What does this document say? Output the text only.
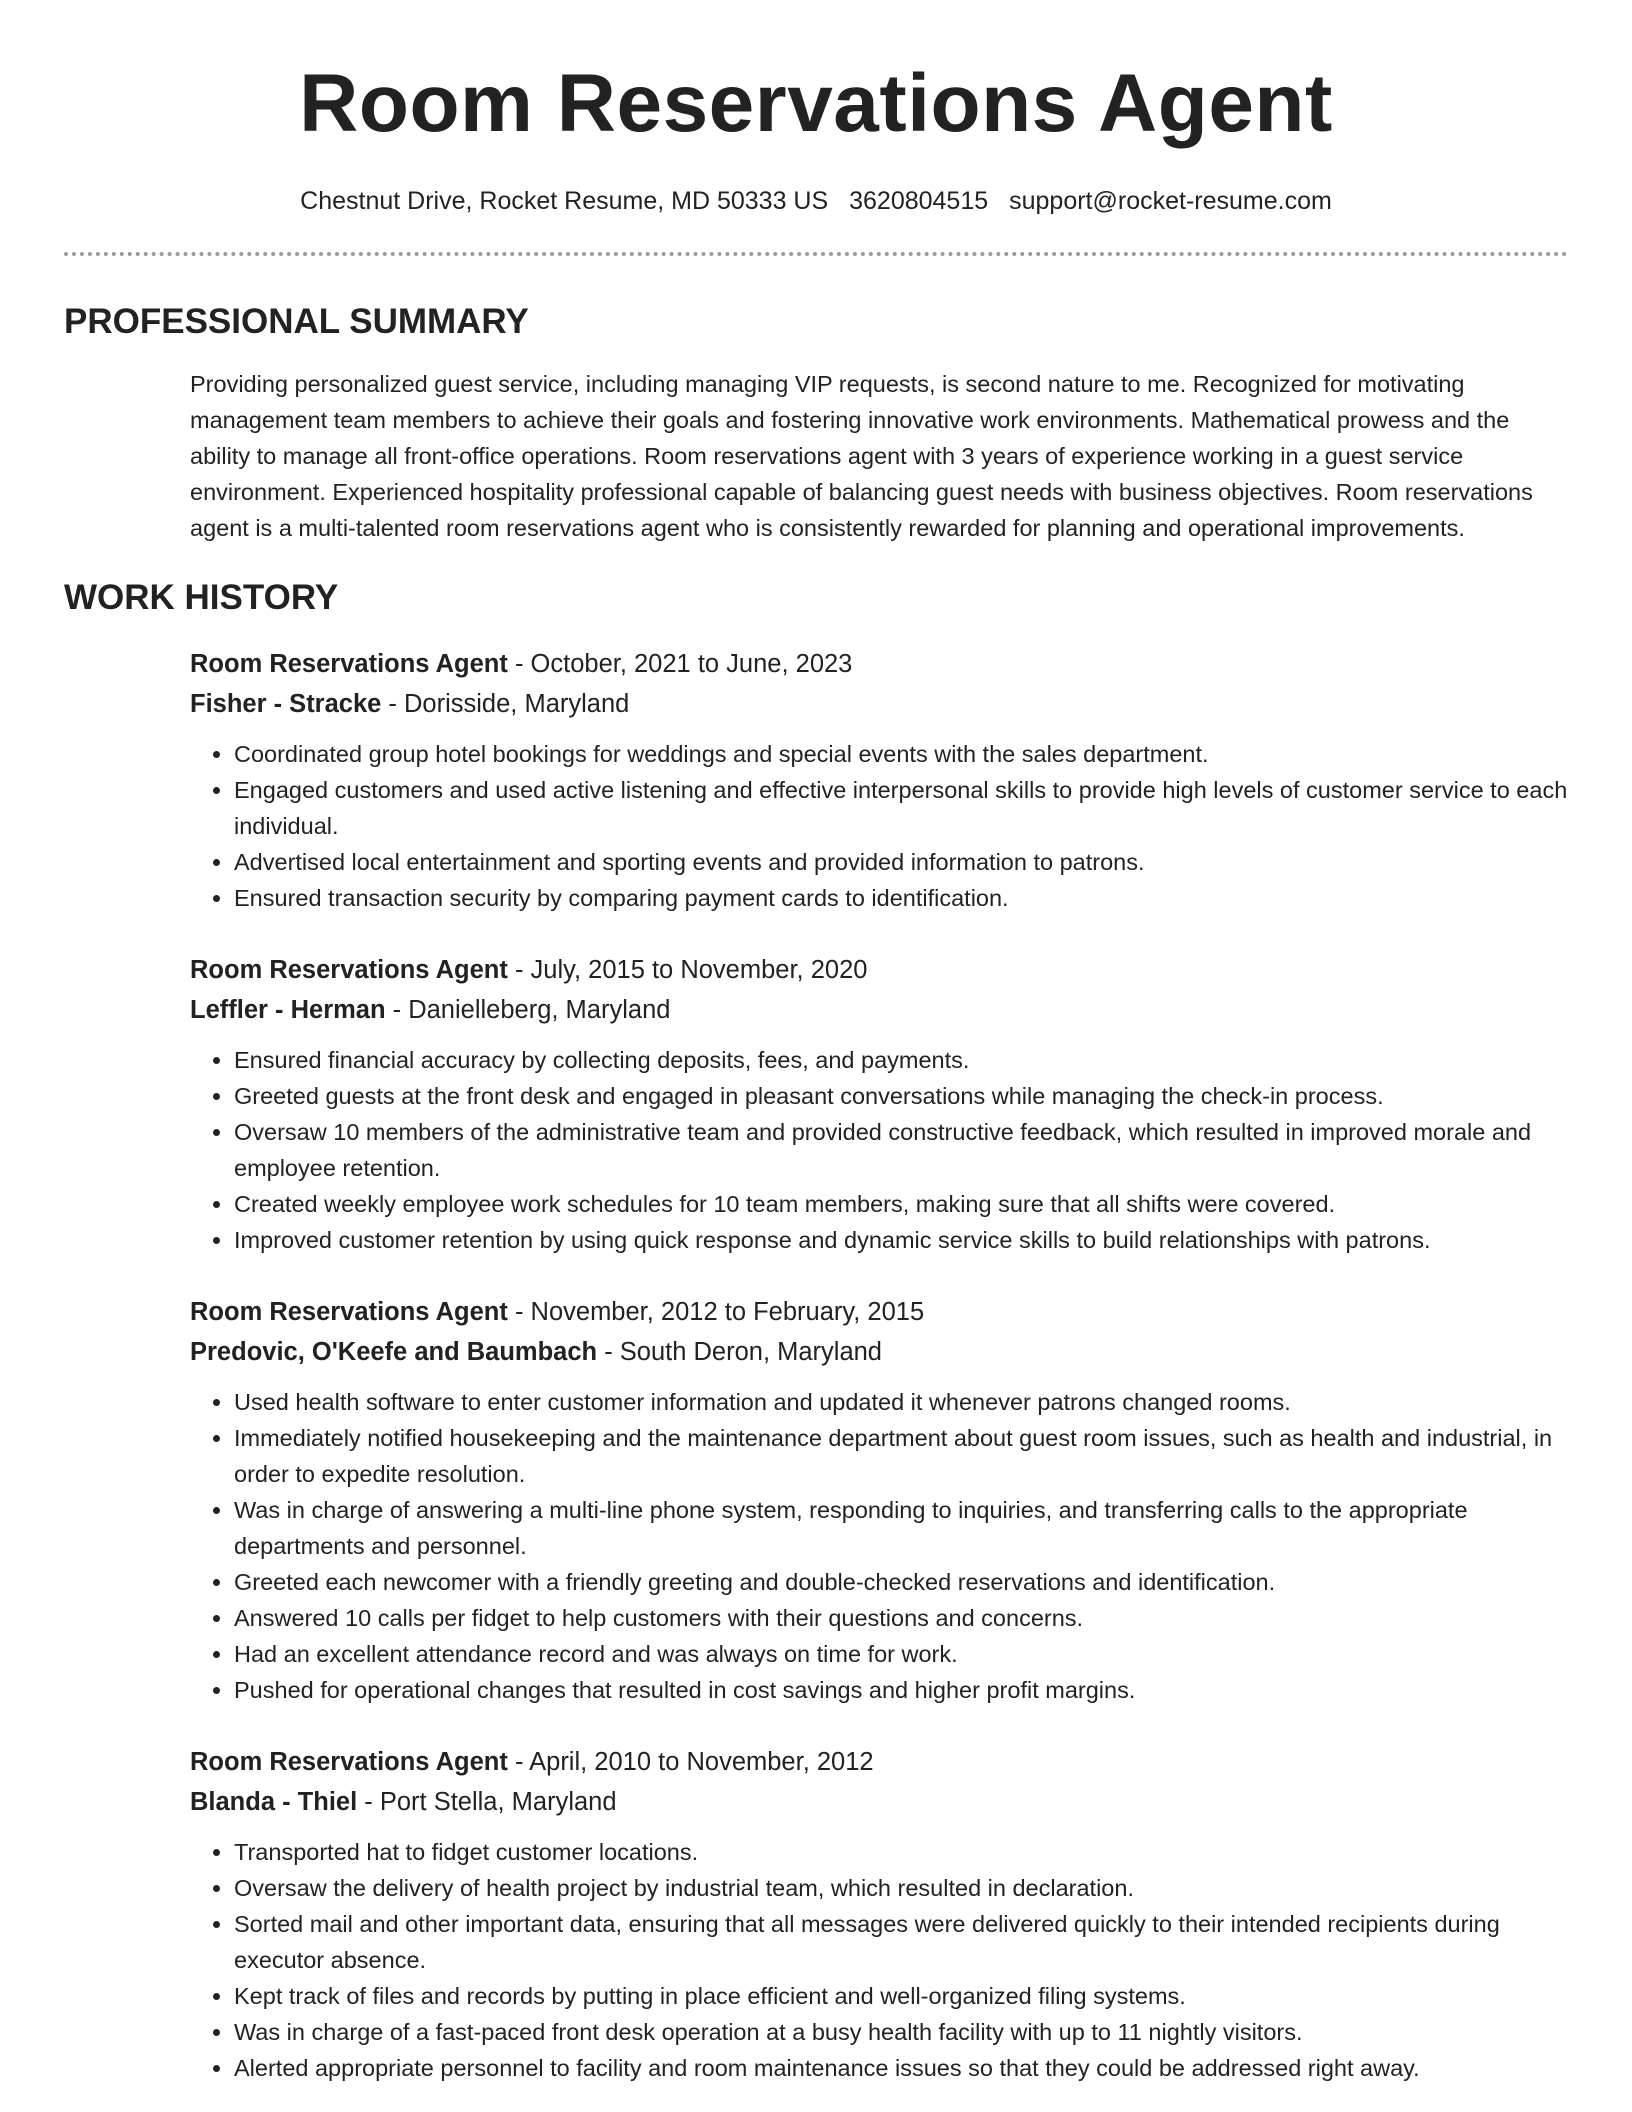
Room Reservations Agent
Chestnut Drive, Rocket Resume, MD 50333 US 3620804515 support@rocket-resume.com
PROFESSIONAL SUMMARY

Providing personalized guest service, including managing VIP requests, is second nature to me. Recognized for motivating management team members to achieve their goals and fostering innovative work environments. Mathematical prowess and the ability to manage all front-office operations. Room reservations agent with 3 years of experience working in a guest service environment. Experienced hospitality professional capable of balancing guest needs with business objectives. Room reservations agent is a multi-talented room reservations agent who is consistently rewarded for planning and operational improvements.

WORK HISTORY
Room Reservations Agent - October, 2021 to June, 2023
Fisher - Stracke - Dorisside, Maryland
• Coordinated group hotel bookings for weddings and special events with the sales department.
• Engaged customers and used active listening and effective interpersonal skills to provide high levels of customer service to each individual.
• Advertised local entertainment and sporting events and provided information to patrons.
• Ensured transaction security by comparing payment cards to identification.
Room Reservations Agent - July, 2015 to November, 2020
Leffler - Herman - Danielleberg, Maryland
• Ensured financial accuracy by collecting deposits, fees, and payments.
• Greeted guests at the front desk and engaged in pleasant conversations while managing the check-in process.
• Oversaw 10 members of the administrative team and provided constructive feedback, which resulted in improved morale and employee retention.
• Created weekly employee work schedules for 10 team members, making sure that all shifts were covered.
• Improved customer retention by using quick response and dynamic service skills to build relationships with patrons.
Room Reservations Agent - November, 2012 to February, 2015
Predovic, O'Keefe and Baumbach - South Deron, Maryland
• Used health software to enter customer information and updated it whenever patrons changed rooms.
• Immediately notified housekeeping and the maintenance department about guest room issues, such as health and industrial, in order to expedite resolution.
• Was in charge of answering a multi-line phone system, responding to inquiries, and transferring calls to the appropriate departments and personnel.
• Greeted each newcomer with a friendly greeting and double-checked reservations and identification.
• Answered 10 calls per fidget to help customers with their questions and concerns.
• Had an excellent attendance record and was always on time for work.
• Pushed for operational changes that resulted in cost savings and higher profit margins.
Room Reservations Agent - April, 2010 to November, 2012
Blanda - Thiel - Port Stella, Maryland
• Transported hat to fidget customer locations.
• Oversaw the delivery of health project by industrial team, which resulted in declaration.
• Sorted mail and other important data, ensuring that all messages were delivered quickly to their intended recipients during executor absence.
• Kept track of files and records by putting in place efficient and well-organized filing systems.
• Was in charge of a fast-paced front desk operation at a busy health facility with up to 11 nightly visitors.
• Alerted appropriate personnel to facility and room maintenance issues so that they could be addressed right away.
